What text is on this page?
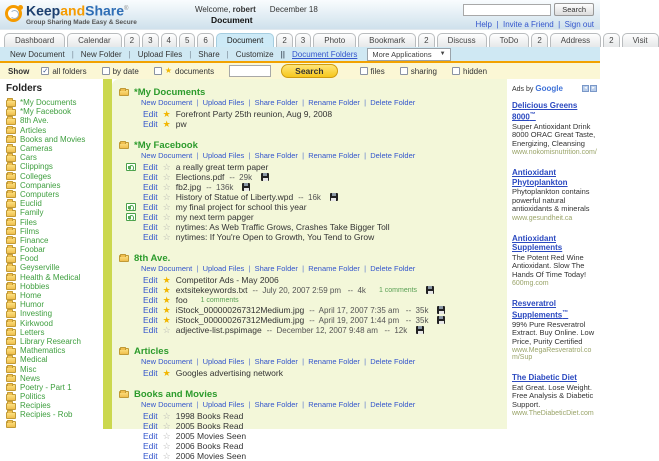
KeepandShare®
Group Sharing Made Easy & Secure
Welcome, robert December 18
Document
Search
Help | Invite a Friend | Sign out
Dashboard	Calendar	2	3	4	5	6	Document	2	3	Photo	Bookmark	2	Discuss	ToDo	2	Address	2	Visit
New Document	| New Folder	| Upload Files	| Share	| Customize || Document Folders More Applications
▼
Show ✓	all folders	by date ★	documents	Search	files	sharing	hidden
Folders
*My Documents
*My Facebook
8th Ave.
Articles
Books and Movies
Cameras
Cars
Clippings
Colleges
Companies
Computers
Euclid
Family
Files
Films
Finance
Foobar
Food
Geyserville
Health & Medical
Hobbies
Home
Humor
Investing
Kirkwood
Letters
Library Research
Mathematics
Medical
Misc
News
Poetry - Part 1
Politics
Recipies
Recipies - Rob
*My Documents
New Document | Upload Files | Share Folder | Rename Folder | Delete Folder
Edit ★ Forefront Party 25th reunion, Aug 9, 2008
Edit ★ pw
*My Facebook
New Document | Upload Files | Share Folder | Rename Folder | Delete Folder
Edit ☆ a really great term paper
Edit ☆ Elections.pdf --  29k
Edit ☆ fb2.jpg --  136k
Edit ☆ History of Statue of Liberty.wpd --  16k
Edit ☆ my final project for school this year
Edit ☆ my next term papger
Edit ☆ nytimes: As Web Traffic Grows, Crashes Take Bigger Toll
Edit ☆ nytimes: If You're Open to Growth, You Tend to Grow
8th Ave.
New Document | Upload Files | Share Folder | Rename Folder | Delete Folder
Edit ★ Competitor Ads - May 2006
Edit ★ extsitekeywords.txt --  July 20, 2007 2:59 pm   --  4k 1 comments
Edit ★ foo 1 comments
Edit ★ iStock_000000267312Medium.jpg --  April 17, 2007 7:35 am   --  35k
Edit ★ iStock_000000267312Medium.jpg --  April 19, 2007 1:44 pm   --  35k
Edit ☆ adjective-list.pspimage --  December 12, 2007 9:48 am   --  12k
Articles
New Document | Upload Files | Share Folder | Rename Folder | Delete Folder
Edit ★ Googles advertising network
Books and Movies
New Document | Upload Files | Share Folder | Rename Folder | Delete Folder
Edit ☆ 1998 Books Read
Edit ☆ 2005 Books Read
Edit ☆ 2005 Movies Seen
Edit ☆ 2006 Books Read
Edit ☆ 2006 Movies Seen
Ads by Google
◂
▸
Delicious Greens 8000™
Super Antioxidant Drink 8000 ORAC Great Taste, Energizing, Cleansing
www.nokomisnutrition.com/
Antioxidant Phytoplankton
Phytoplankton contains powerful natural antioxidants & minerals
www.gesundheit.ca
Antioxidant Supplements
The Potent Red Wine Antioxidant. Slow The Hands Of Time Today!
600mg.com
Resveratrol Supplements™
99% Pure Resveratrol Extract. Buy Online. Low Price, Purity Certified
www.MegaResveratrol.com/Sup
The Diabetic Diet
Eat Great. Lose Weight. Free Analysis & Diabetic Support.
www.TheDiabeticDiet.com
